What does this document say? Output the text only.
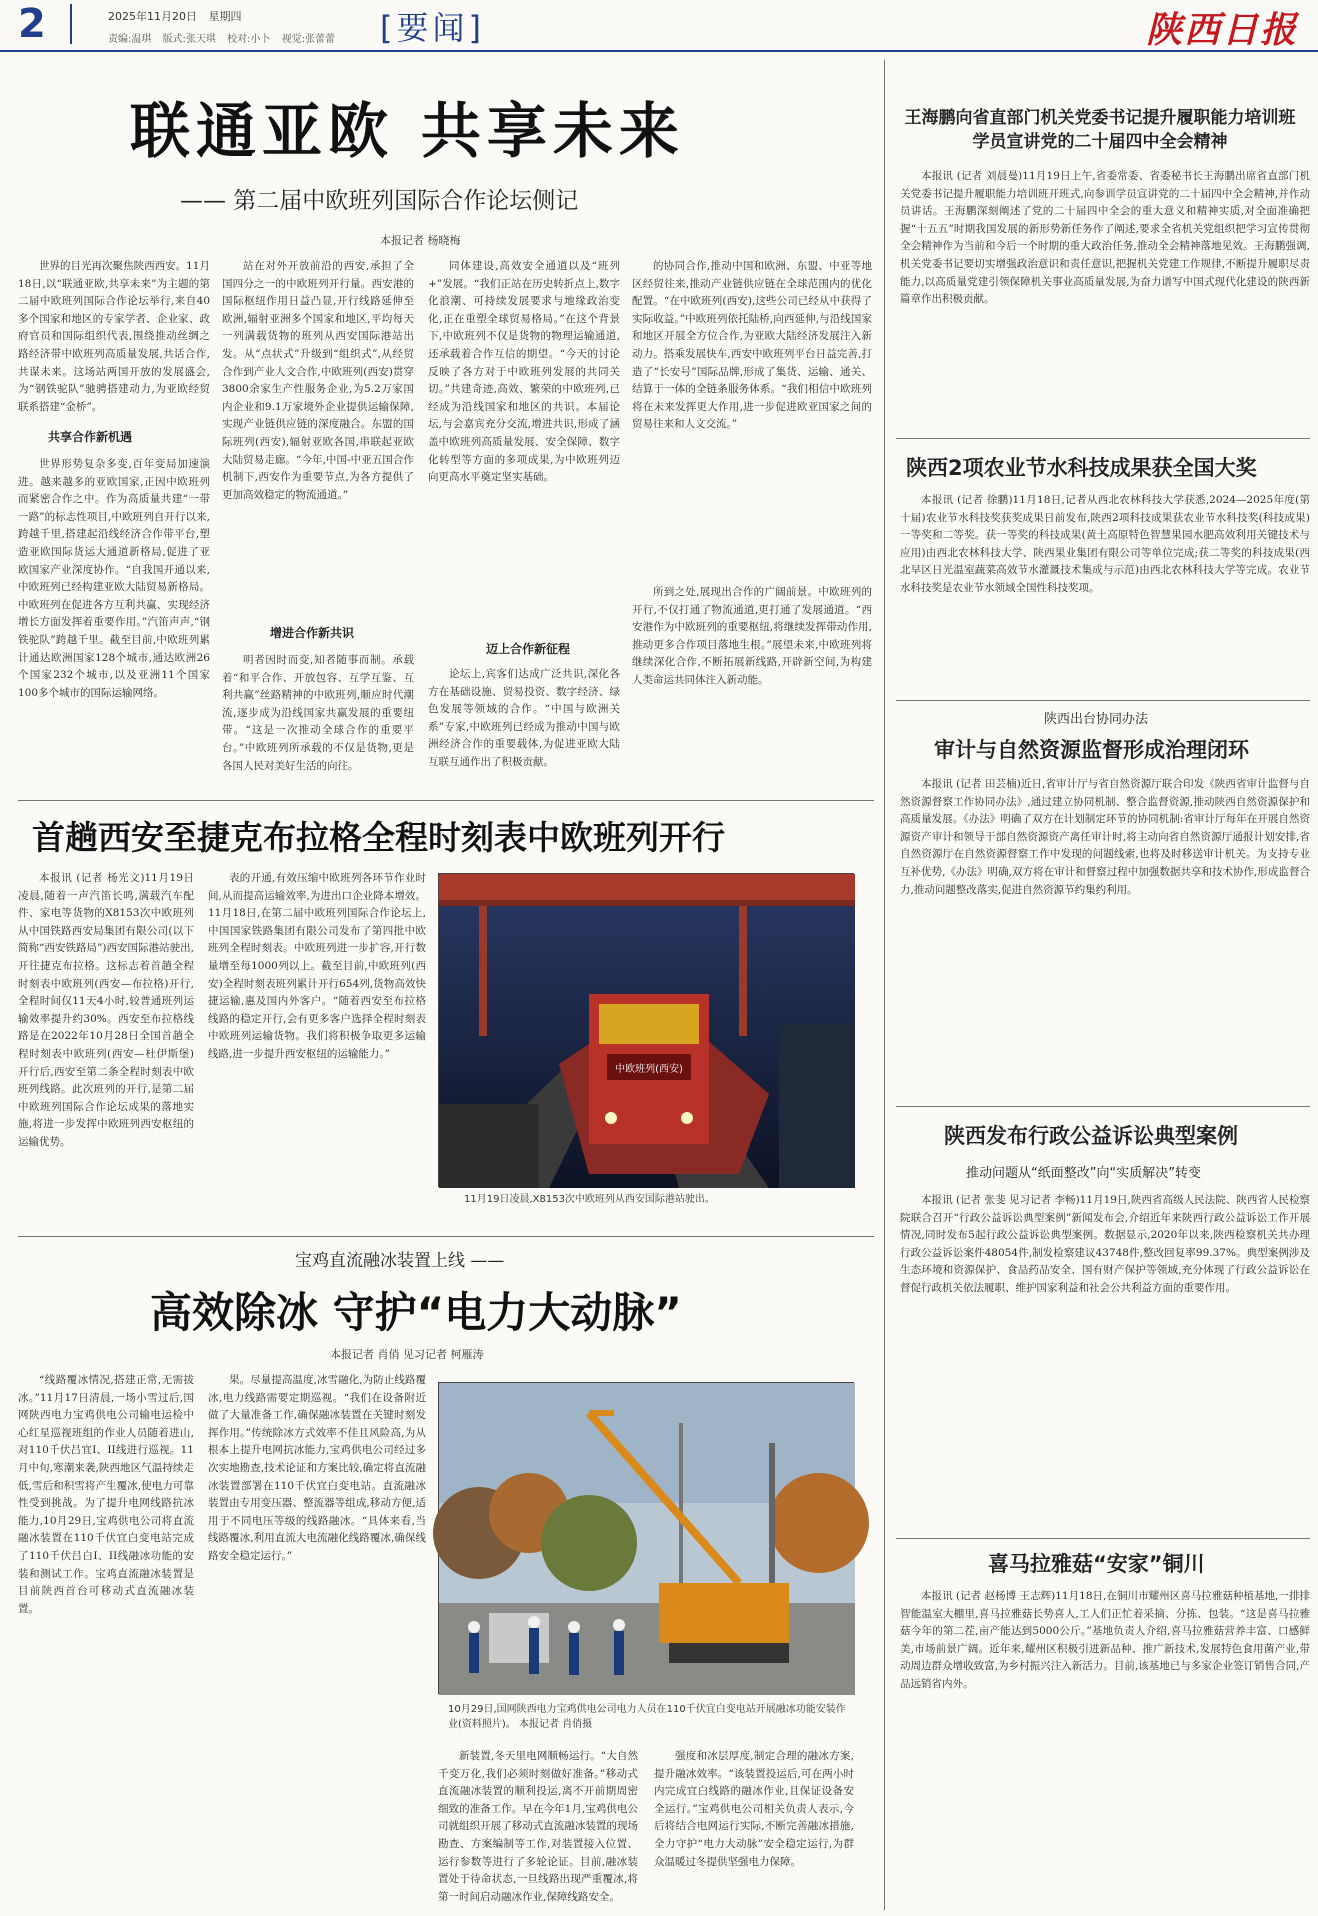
2	2025年11月20日 星期四
责编:温琪 版式:张天琪 校对:小卜 视觉:张蕾蕾 [要闻]	陕西日报
联通亚欧 共享未来
—— 第二届中欧班列国际合作论坛侧记
本报记者 杨晓梅
世界的目光再次聚焦陕西西安。11月18日,以“联通亚欧,共享未来”为主题的第二届中欧班列国际合作论坛举行,来自40多个国家和地区的专家学者、企业家、政府官员和国际组织代表,围绕推动丝绸之路经济带中欧班列高质量发展,共话合作,共谋未来。这场站两国开放的发展盛会,为“钢铁驼队”驰骋搭建动力,为亚欧经贸联系搭建“金桥”。
共享合作新机遇
世界形势复杂多变,百年变局加速演进。越来越多的亚欧国家,正因中欧班列而紧密合作之中。作为高质量共建“一带一路”的标志性项目,中欧班列自开行以来,跨越千里,搭建起沿线经济合作带平台,塑造亚欧国际货运大通道新格局,促进了亚欧国家产业深度协作。“自我国开通以来,中欧班列已经构建亚欧大陆贸易新格局。中欧班列在促进各方互利共赢、实现经济增长方面发挥着重要作用。”汽笛声声,“钢铁驼队”跨越千里。截至目前,中欧班列累计通达欧洲国家128个城市,通达欧洲26个国家232个城市,以及亚洲11个国家100多个城市的国际运输网络。
站在对外开放前沿的西安,承担了全国四分之一的中欧班列开行量。西安港的国际枢纽作用日益凸显,开行线路延伸至欧洲,辐射亚洲多个国家和地区,平均每天一列满载货物的班列从西安国际港站出发。从“点状式”升级到“组织式”,从经贸合作到产业人文合作,中欧班列(西安)贯穿3800余家生产性服务企业,为5.2万家国内企业和9.1万家境外企业提供运输保障,实现产业链供应链的深度融合。东盟的国际班列(西安),辐射亚欧各国,串联起亚欧大陆贸易走廊。“今年,中国-中亚五国合作机制下,西安作为重要节点,为各方提供了更加高效稳定的物流通道。”
增进合作新共识
明者因时而变,知者随事而制。承载着“和平合作、开放包容、互学互鉴、互利共赢”丝路精神的中欧班列,顺应时代潮流,逐步成为沿线国家共赢发展的重要纽带。“这是一次推动全球合作的重要平台。”中欧班列所承载的不仅是货物,更是各国人民对美好生活的向往。
同体建设,高效安全通道以及“班列+”发展。“我们正站在历史转折点上,数字化浪潮、可持续发展要求与地缘政治变化,正在重塑全球贸易格局。”在这个背景下,中欧班列不仅是货物的物理运输通道,还承载着合作互信的期望。“今天的讨论反映了各方对于中欧班列发展的共同关切。”共建奇迹,高效、繁荣的中欧班列,已经成为沿线国家和地区的共识。本届论坛,与会嘉宾充分交流,增进共识,形成了涵盖中欧班列高质量发展、安全保障、数字化转型等方面的多项成果,为中欧班列迈向更高水平奠定坚实基础。
迈上合作新征程
论坛上,宾客们达成广泛共识,深化各方在基础设施、贸易投资、数字经济、绿色发展等领域的合作。“中国与欧洲关系”专家,中欧班列已经成为推动中国与欧洲经济合作的重要载体,为促进亚欧大陆互联互通作出了积极贡献。
的协同合作,推动中国和欧洲、东盟、中亚等地区经贸往来,推动产业链供应链在全球范围内的优化配置。“在中欧班列(西安),这些公司已经从中获得了实际收益。”中欧班列依托陆桥,向西延伸,与沿线国家和地区开展全方位合作,为亚欧大陆经济发展注入新动力。搭乘发展快车,西安中欧班列平台日益完善,打造了“长安号”国际品牌,形成了集货、运输、通关、结算于一体的全链条服务体系。“我们相信中欧班列将在未来发挥更大作用,进一步促进欧亚国家之间的贸易往来和人文交流。”
所到之处,展现出合作的广阔前景。中欧班列的开行,不仅打通了物流通道,更打通了发展通道。“西安港作为中欧班列的重要枢纽,将继续发挥带动作用,推动更多合作项目落地生根。”展望未来,中欧班列将继续深化合作,不断拓展新线路,开辟新空间,为构建人类命运共同体注入新动能。
首趟西安至捷克布拉格全程时刻表中欧班列开行
本报讯 (记者 杨光文)11月19日凌晨,随着一声汽笛长鸣,满载汽车配件、家电等货物的X8153次中欧班列从中国铁路西安局集团有限公司(以下简称“西安铁路局”)西安国际港站驶出,开往捷克布拉格。这标志着首趟全程时刻表中欧班列(西安—布拉格)开行,全程时间仅11天4小时,较普通班列运输效率提升约30%。西安至布拉格线路是在2022年10月28日全国首趟全程时刻表中欧班列(西安—杜伊斯堡)开行后,西安至第二条全程时刻表中欧班列线路。此次班列的开行,是第二届中欧班列国际合作论坛成果的落地实施,将进一步发挥中欧班列西安枢纽的运输优势。
表的开通,有效压缩中欧班列各环节作业时间,从而提高运输效率,为进出口企业降本增效。11月18日,在第二届中欧班列国际合作论坛上,中国国家铁路集团有限公司发布了第四批中欧班列全程时刻表。中欧班列进一步扩容,开行数量增至每1000列以上。截至目前,中欧班列(西安)全程时刻表班列累计开行654列,货物高效快捷运输,惠及国内外客户。“随着西安至布拉格线路的稳定开行,会有更多客户选择全程时刻表中欧班列运输货物。我们将积极争取更多运输线路,进一步提升西安枢纽的运输能力。”
中欧班列(西安)
11月19日凌晨,X8153次中欧班列从西安国际港站驶出。
宝鸡直流融冰装置上线 ——
高效除冰 守护“电力大动脉”
本报记者 肖俏 见习记者 柯雁涛
“线路覆冰情况,搭建正常,无需拔冰。”11月17日清晨,一场小雪过后,国网陕西电力宝鸡供电公司输电运检中心红星巡视班组的作业人员随着进山,对110千伏吕宜I、II线进行巡视。11月中旬,寒潮来袭,陕西地区气温持续走低,雪后和积雪将产生覆冰,使电力可靠性受到挑战。为了提升电网线路抗冰能力,10月29日,宝鸡供电公司将直流融冰装置在110千伏宜白变电站完成了110千伏吕白I、II线融冰功能的安装和测试工作。宝鸡直流融冰装置是目前陕西首台可移动式直流融冰装置。
果。尽量提高温度,冰雪融化,为防止线路覆冰,电力线路需要定期巡视。“我们在设备附近做了大量准备工作,确保融冰装置在关键时刻发挥作用。”传统除冰方式效率不佳且风险高,为从根本上提升电网抗冰能力,宝鸡供电公司经过多次实地勘查,技术论证和方案比较,确定将直流融冰装置部署在110千伏宜白变电站。直流融冰装置由专用变压器、整流器等组成,移动方便,适用于不同电压等级的线路融冰。“具体来看,当线路覆冰,利用直流大电流融化线路覆冰,确保线路安全稳定运行。”
10月29日,国网陕西电力宝鸡供电公司电力人员在110千伏宜白变电站开展融冰功能安装作业(资料照片)。 本报记者 肖俏摄
新装置,冬天里电网顺畅运行。“大自然千变万化,我们必须时刻做好准备。”移动式直流融冰装置的顺利投运,离不开前期周密细致的准备工作。早在今年1月,宝鸡供电公司就组织开展了移动式直流融冰装置的现场勘查、方案编制等工作,对装置接入位置、运行参数等进行了多轮论证。目前,融冰装置处于待命状态,一旦线路出现严重覆冰,将第一时间启动融冰作业,保障线路安全。
强度和冰层厚度,制定合理的融冰方案,提升融冰效率。“该装置投运后,可在两小时内完成宜白线路的融冰作业,且保证设备安全运行。”宝鸡供电公司相关负责人表示,今后将结合电网运行实际,不断完善融冰措施,全力守护“电力大动脉”安全稳定运行,为群众温暖过冬提供坚强电力保障。
王海鹏向省直部门机关党委书记提升履职能力培训班学员宣讲党的二十届四中全会精神
本报讯 (记者 刘晨曼)11月19日上午,省委常委、省委秘书长王海鹏出席省直部门机关党委书记提升履职能力培训班开班式,向参训学员宣讲党的二十届四中全会精神,并作动员讲话。王海鹏深刻阐述了党的二十届四中全会的重大意义和精神实质,对全面准确把握“十五五”时期我国发展的新形势新任务作了阐述,要求全省机关党组织把学习宣传贯彻全会精神作为当前和今后一个时期的重大政治任务,推动全会精神落地见效。王海鹏强调,机关党委书记要切实增强政治意识和责任意识,把握机关党建工作规律,不断提升履职尽责能力,以高质量党建引领保障机关事业高质量发展,为奋力谱写中国式现代化建设的陕西新篇章作出积极贡献。
陕西2项农业节水科技成果获全国大奖
本报讯 (记者 徐鹏)11月18日,记者从西北农林科技大学获悉,2024—2025年度(第十届)农业节水科技奖获奖成果日前发布,陕西2项科技成果获农业节水科技奖(科技成果)一等奖和二等奖。获一等奖的科技成果(黄土高原特色智慧果园水肥高效利用关键技术与应用)由西北农林科技大学、陕西果业集团有限公司等单位完成;获二等奖的科技成果(西北早区日光温室蔬菜高效节水灌溉技术集成与示范)由西北农林科技大学等完成。农业节水科技奖是农业节水领域全国性科技奖项。
陕西出台协同办法
审计与自然资源监督形成治理闭环
本报讯 (记者 田芸楠)近日,省审计厅与省自然资源厅联合印发《陕西省审计监督与自然资源督察工作协同办法》,通过建立协同机制、整合监督资源,推动陕西自然资源保护和高质量发展。《办法》明确了双方在计划制定环节的协同机制:省审计厅每年在开展自然资源资产审计和领导干部自然资源资产离任审计时,将主动向省自然资源厅通报计划安排,省自然资源厅在自然资源督察工作中发现的问题线索,也将及时移送审计机关。为支持专业互补优势,《办法》明确,双方将在审计和督察过程中加强数据共享和技术协作,形成监督合力,推动问题整改落实,促进自然资源节约集约利用。
陕西发布行政公益诉讼典型案例
推动问题从“纸面整改”向“实质解决”转变
本报讯 (记者 张斐 见习记者 李畅)11月19日,陕西省高级人民法院、陕西省人民检察院联合召开“行政公益诉讼典型案例”新闻发布会,介绍近年来陕西行政公益诉讼工作开展情况,同时发布5起行政公益诉讼典型案例。数据显示,2020年以来,陕西检察机关共办理行政公益诉讼案件48054件,制发检察建议43748件,整改回复率99.37%。典型案例涉及生态环境和资源保护、食品药品安全、国有财产保护等领域,充分体现了行政公益诉讼在督促行政机关依法履职、维护国家利益和社会公共利益方面的重要作用。
喜马拉雅菇“安家”铜川
本报讯 (记者 赵杨博 王志辉)11月18日,在铜川市耀州区喜马拉雅菇种植基地,一排排智能温室大棚里,喜马拉雅菇长势喜人,工人们正忙着采摘、分拣、包装。“这是喜马拉雅菇今年的第二茬,亩产能达到5000公斤。”基地负责人介绍,喜马拉雅菇营养丰富、口感鲜美,市场前景广阔。近年来,耀州区积极引进新品种、推广新技术,发展特色食用菌产业,带动周边群众增收致富,为乡村振兴注入新活力。目前,该基地已与多家企业签订销售合同,产品远销省内外。
